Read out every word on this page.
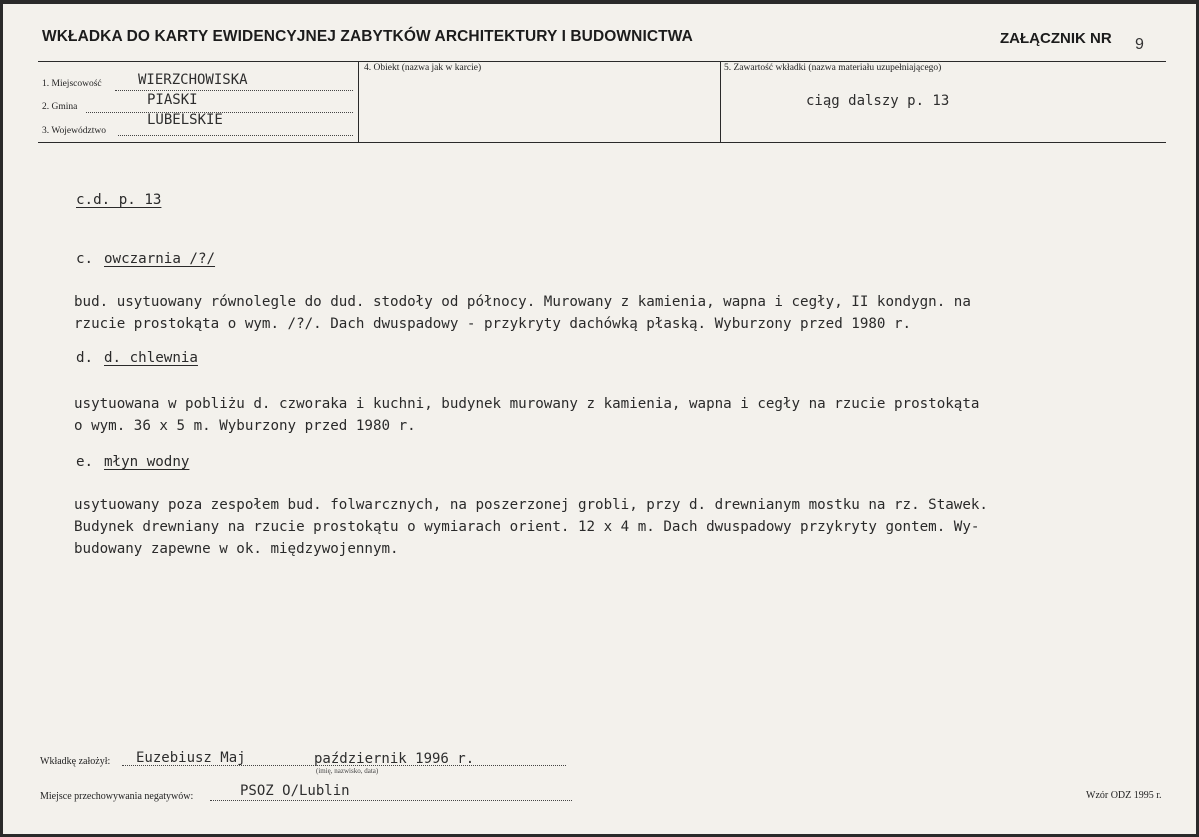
WKŁADKA DO KARTY EWIDENCYJNEJ ZABYTKÓW ARCHITEKTURY I BUDOWNICTWA	ZAŁĄCZNIK NR 9
1. Miejscowość	WIERZCHOWISKA
2. Gmina	PIASKI
3. Województwo
LUBELSKIE
4. Obiekt (nazwa jak w karcie)	5. Zawartość wkładki (nazwa materiału uzupełniającego)
ciąg dalszy p. 13
c.d. p. 13
c. owczarnia /?/
bud. usytuowany równolegle do dud. stodoły od północy. Murowany z kamienia, wapna i cegły, II kondygn. na
rzucie prostokąta o wym. /?/. Dach dwuspadowy - przykryty dachówką płaską. Wyburzony przed 1980 r.
d. d. chlewnia
usytuowana w pobliżu d. czworaka i kuchni, budynek murowany z kamienia, wapna i cegły na rzucie prostokąta
o wym. 36 x 5 m. Wyburzony przed 1980 r.
e. młyn wodny
usytuowany poza zespołem bud. folwarcznych, na poszerzonej grobli, przy d. drewnianym mostku na rz. Stawek.
Budynek drewniany na rzucie prostokątu o wymiarach orient. 12 x 4 m. Dach dwuspadowy przykryty gontem. Wy-
budowany zapewne w ok. międzywojennym.
Wkładkę założył: Euzebiusz Maj	październik 1996 r.
(imię, nazwisko, data)
Miejsce przechowywania negatywów:	PSOZ O/Lublin	Wzór ODZ 1995 r.
